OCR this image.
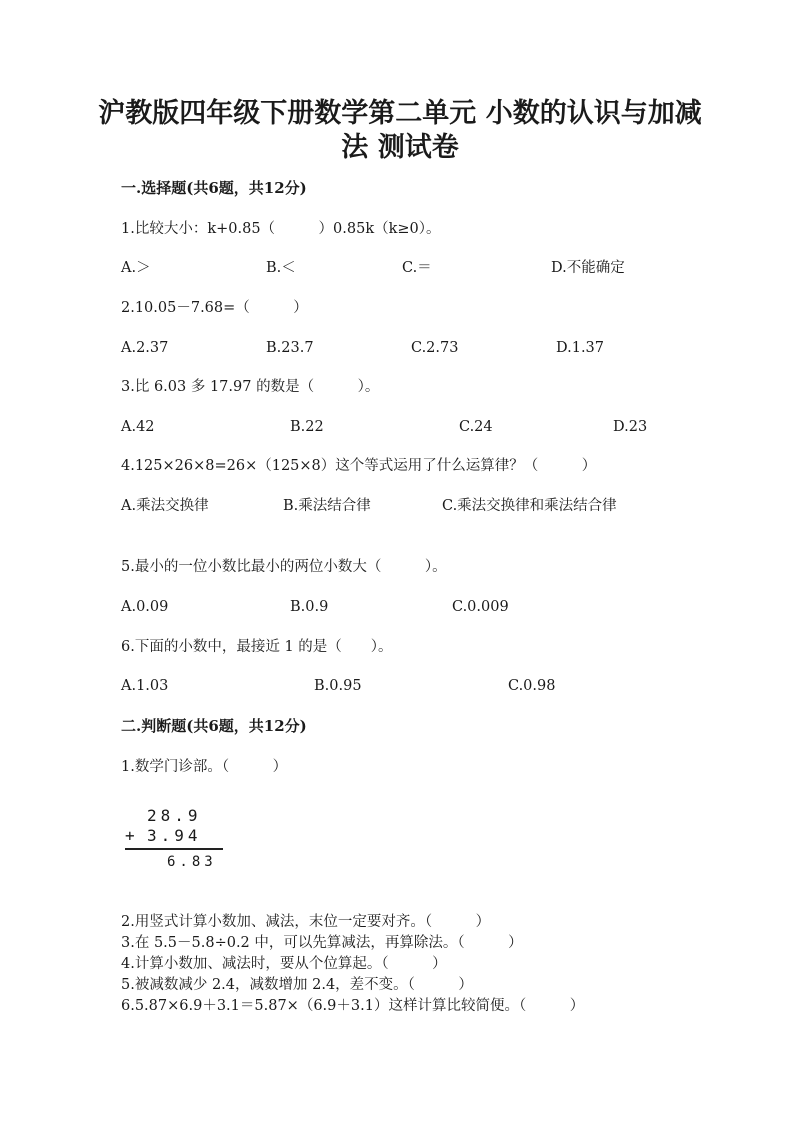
沪教版四年级下册数学第二单元 小数的认识与加减
法 测试卷
一.选择题(共6题，共12分)
1.比较大小：k+0.85（　　　）0.85k（k≥0）。
A.＞	B.＜	C.＝	D.不能确定
2.10.05－7.68=（　　　）
A.2.37	B.23.7	C.2.73	D.1.37
3.比 6.03 多 17.97 的数是（　　　）。
A.42	B.22	C.24	D.23
4.125×26×8=26×（125×8）这个等式运用了什么运算律？（　　　）
A.乘法交换律	B.乘法结合律	C.乘法交换律和乘法结合律
5.最小的一位小数比最小的两位小数大（　　　）。
A.0.09	B.0.9	C.0.009
6.下面的小数中，最接近 1 的是（　　）。
A.1.03	B.0.95	C.0.98
二.判断题(共6题，共12分)
1.数学门诊部。（　　　）
28.9
+ 3.94
6.83
2.用竖式计算小数加、减法，末位一定要对齐。（　　　）
3.在 5.5－5.8÷0.2 中，可以先算减法，再算除法。（　　　）
4.计算小数加、减法时，要从个位算起。（　　　）
5.被减数减少 2.4，减数增加 2.4，差不变。（　　　）
6.5.87×6.9＋3.1＝5.87×（6.9＋3.1）这样计算比较简便。（　　　）
